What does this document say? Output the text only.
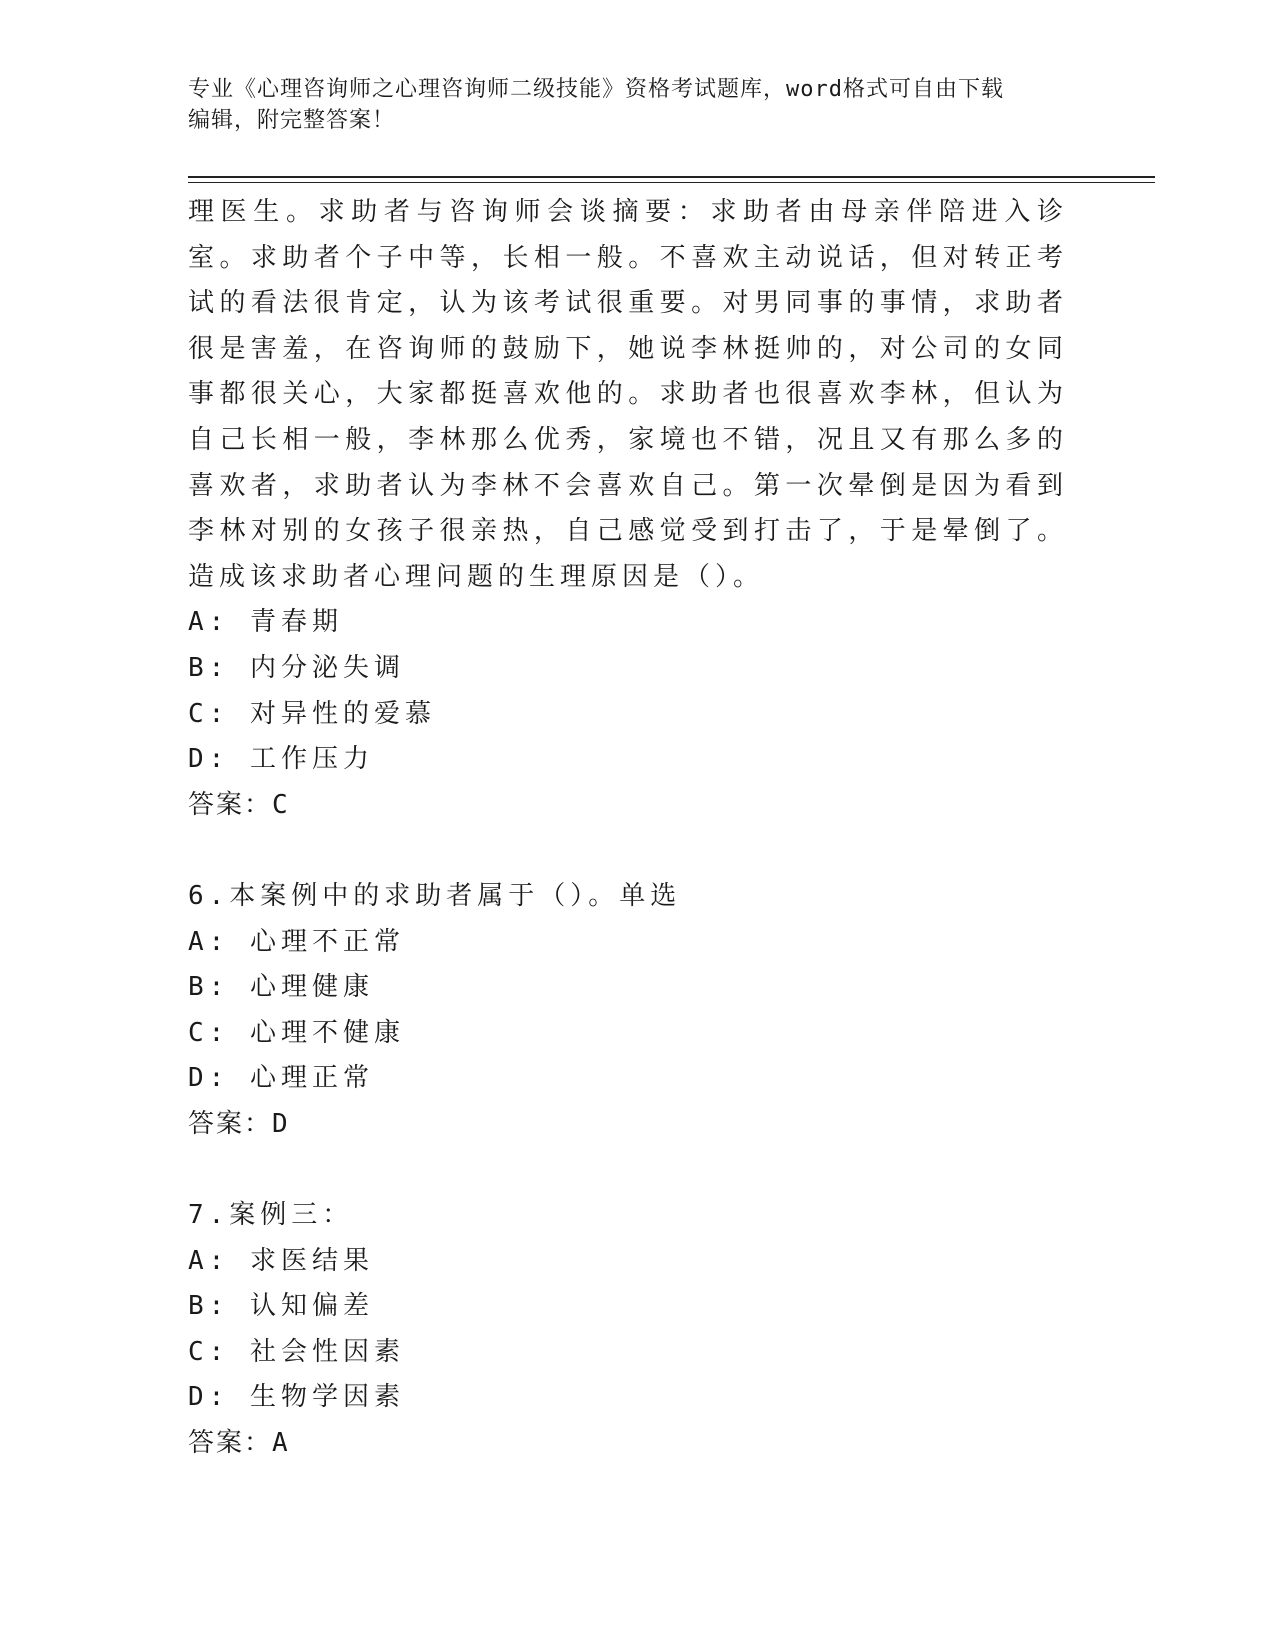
专业《心理咨询师之心理咨询师二级技能》资格考试题库，word格式可自由下载
编辑，附完整答案！

理医生。求助者与咨询师会谈摘要：求助者由母亲伴陪进入诊室。求助者个子中等，长相一般。不喜欢主动说话，但对转正考试的看法很肯定，认为该考试很重要。对男同事的事情，求助者很是害羞，在咨询师的鼓励下，她说李林挺帅的，对公司的女同事都很关心，大家都挺喜欢他的。求助者也很喜欢李林，但认为自己长相一般，李林那么优秀，家境也不错，况且又有那么多的喜欢者，求助者认为李林不会喜欢自己。第一次晕倒是因为看到李林对别的女孩子很亲热，自己感觉受到打击了，于是晕倒了。造成该求助者心理问题的生理原因是（）。

A: 青春期

B: 内分泌失调

C: 对异性的爱慕

D: 工作压力

答案：C

6.本案例中的求助者属于（）。单选

A: 心理不正常

B: 心理健康

C: 心理不健康

D: 心理正常

答案：D

7.案例三：

A: 求医结果

B: 认知偏差

C: 社会性因素

D: 生物学因素

答案：A
